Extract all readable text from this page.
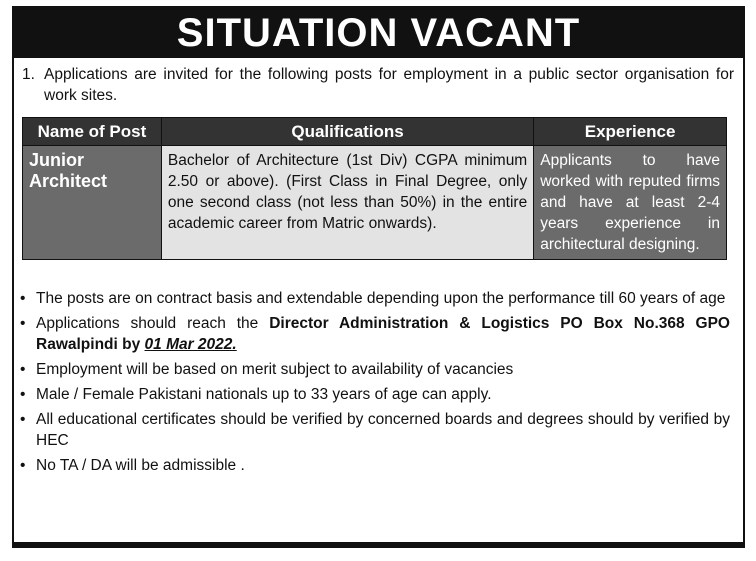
SITUATION VACANT
1. Applications are invited for the following posts for employment in a public sector organisation for work sites.
Name of Post	Qualifications	Experience
Junior Architect	Bachelor of Architecture (1st Div) CGPA minimum 2.50 or above). (First Class in Final Degree, only one second class (not less than 50%) in the entire academic career from Matric onwards).	Applicants to have worked with reputed firms and have at least 2-4 years experience in architectural designing.
• The posts are on contract basis and extendable depending upon the performance till 60 years of age
• Applications should reach the Director Administration & Logistics PO Box No.368 GPO Rawalpindi by 01 Mar 2022.
• Employment will be based on merit subject to availability of vacancies
• Male / Female Pakistani nationals up to 33 years of age can apply.
• All educational certificates should be verified by concerned boards and degrees should by verified by HEC
• No TA / DA will be admissible .
